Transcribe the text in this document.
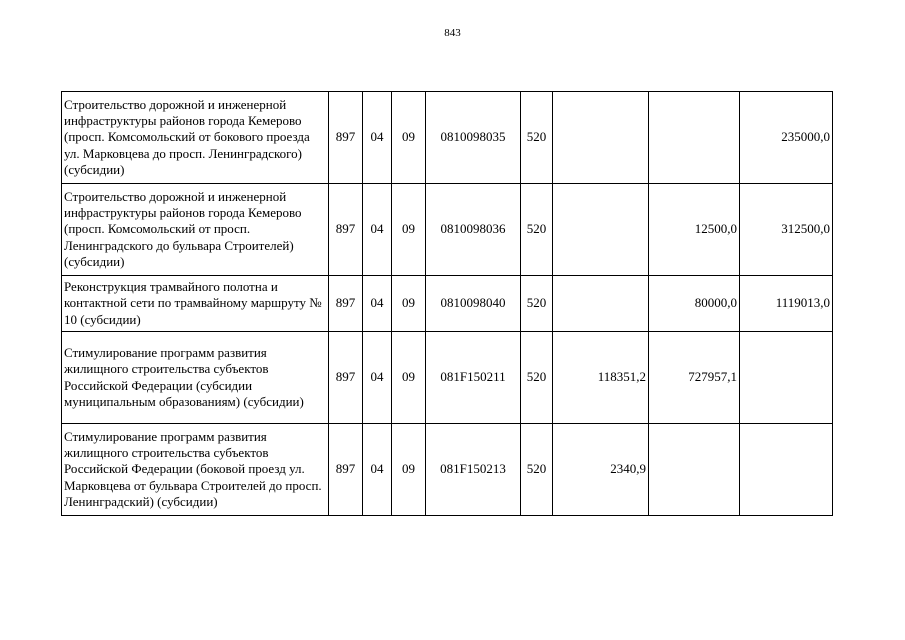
843
Строительство дорожной и инженерной инфраструктуры районов города Кемерово (просп. Комсомольский от бокового проезда ул. Марковцева до просп. Ленинградского) (субсидии)	897	04	09	0810098035	520			235000,0
Строительство дорожной и инженерной инфраструктуры районов города Кемерово (просп. Комсомольский от просп. Ленинградского до бульвара Строителей) (субсидии)	897	04	09	0810098036	520		12500,0	312500,0
Реконструкция трамвайного полотна и контактной сети по трамвайному маршруту № 10 (субсидии)	897	04	09	0810098040	520		80000,0	1119013,0
Стимулирование программ развития жилищного строительства субъектов Российской Федерации (субсидии муниципальным образованиям) (субсидии)	897	04	09	081F150211	520	118351,2	727957,1	
Стимулирование программ развития жилищного строительства субъектов Российской Федерации (боковой проезд ул. Марковцева от бульвара Строителей до просп. Ленинградский) (субсидии)	897	04	09	081F150213	520	2340,9		
